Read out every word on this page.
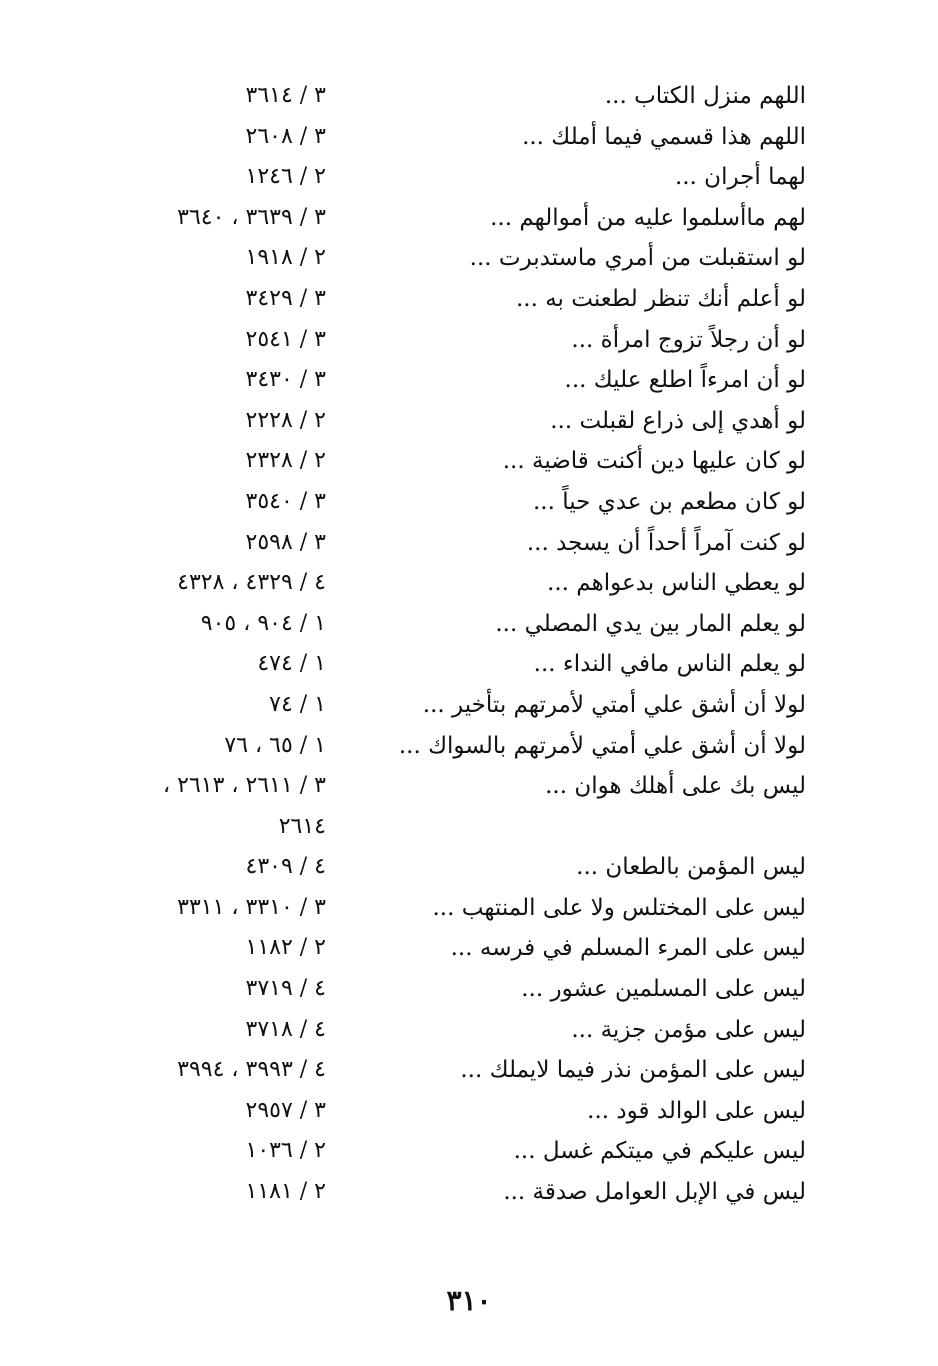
اللهم منزل الكتاب ...
٣ / ٣٦١٤
اللهم هذا قسمي فيما أملك ...
٣ / ٢٦٠٨
لهما أجران ...
٢ / ١٢٤٦
لهم ماأسلموا عليه من أموالهم ...
٣ / ٣٦٣٩ ، ٣٦٤٠
لو استقبلت من أمري ماستدبرت ...
٢ / ١٩١٨
لو أعلم أنك تنظر لطعنت به ...
٣ / ٣٤٢٩
لو أن رجلاً تزوج امرأة ...
٣ / ٢٥٤١
لو أن امرءاً اطلع عليك ...
٣ / ٣٤٣٠
لو أهدي إلى ذراع لقبلت ...
٢ / ٢٢٢٨
لو كان عليها دين أكنت قاضية ...
٢ / ٢٣٢٨
لو كان مطعم بن عدي حياً ...
٣ / ٣٥٤٠
لو كنت آمراً أحداً أن يسجد ...
٣ / ٢٥٩٨
لو يعطي الناس بدعواهم ...
٤ / ٤٣٢٩ ، ٤٣٢٨
لو يعلم المار بين يدي المصلي ...
١ / ٩٠٤ ، ٩٠٥
لو يعلم الناس مافي النداء ...
١ / ٤٧٤
لولا أن أشق علي أمتي لأمرتهم بتأخير ...
١ / ٧٤
لولا أن أشق علي أمتي لأمرتهم بالسواك ...
١ / ٦٥ ، ٧٦
ليس بك على أهلك هوان ...
٣ / ٢٦١١ ، ٢٦١٣ ،
٢٦١٤
ليس المؤمن بالطعان ...
٤ / ٤٣٠٩
ليس على المختلس ولا على المنتهب ...
٣ / ٣٣١٠ ، ٣٣١١
ليس على المرء المسلم في فرسه ...
٢ / ١١٨٢
ليس على المسلمين عشور ...
٤ / ٣٧١٩
ليس على مؤمن جزية ...
٤ / ٣٧١٨
ليس على المؤمن نذر فيما لايملك ...
٤ / ٣٩٩٣ ، ٣٩٩٤
ليس على الوالد قود ...
٣ / ٢٩٥٧
ليس عليكم في ميتكم غسل ...
٢ / ١٠٣٦
ليس في الإبل العوامل صدقة ...
٢ / ١١٨١
٣١٠
